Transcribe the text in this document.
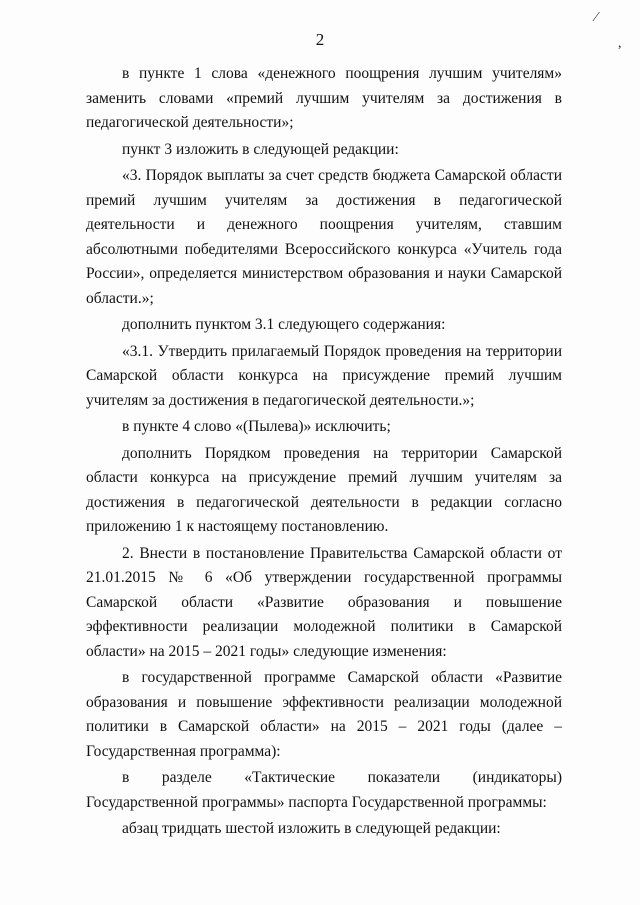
⁄
,
2

в пункте 1 слова «денежного поощрения лучшим учителям» заменить словами «премий лучшим учителям за достижения в педагогической деятельности»;

пункт 3 изложить в следующей редакции:

«3. Порядок выплаты за счет средств бюджета Самарской области премий лучшим учителям за достижения в педагогической деятельности и денежного поощрения учителям, ставшим абсолютными победителями Всероссийского конкурса «Учитель года России», определяется министерством образования и науки Самарской области.»;

дополнить пунктом 3.1 следующего содержания:

«3.1. Утвердить прилагаемый Порядок проведения на территории Самарской области конкурса на присуждение премий лучшим учителям за достижения в педагогической деятельности.»;

в пункте 4 слово «(Пылева)» исключить;

дополнить Порядком проведения на территории Самарской области конкурса на присуждение премий лучшим учителям за достижения в педагогической деятельности в редакции согласно приложению 1 к настоящему постановлению.

2. Внести в постановление Правительства Самарской области от 21.01.2015 № 6 «Об утверждении государственной программы Самарской области «Развитие образования и повышение эффективности реализации молодежной политики в Самарской области» на 2015 – 2021 годы» следующие изменения:

в государственной программе Самарской области «Развитие образования и повышение эффективности реализации молодежной политики в Самарской области» на 2015 – 2021 годы (далее – Государственная программа):

в разделе «Тактические показатели (индикаторы) Государственной программы» паспорта Государственной программы:

абзац тридцать шестой изложить в следующей редакции:
